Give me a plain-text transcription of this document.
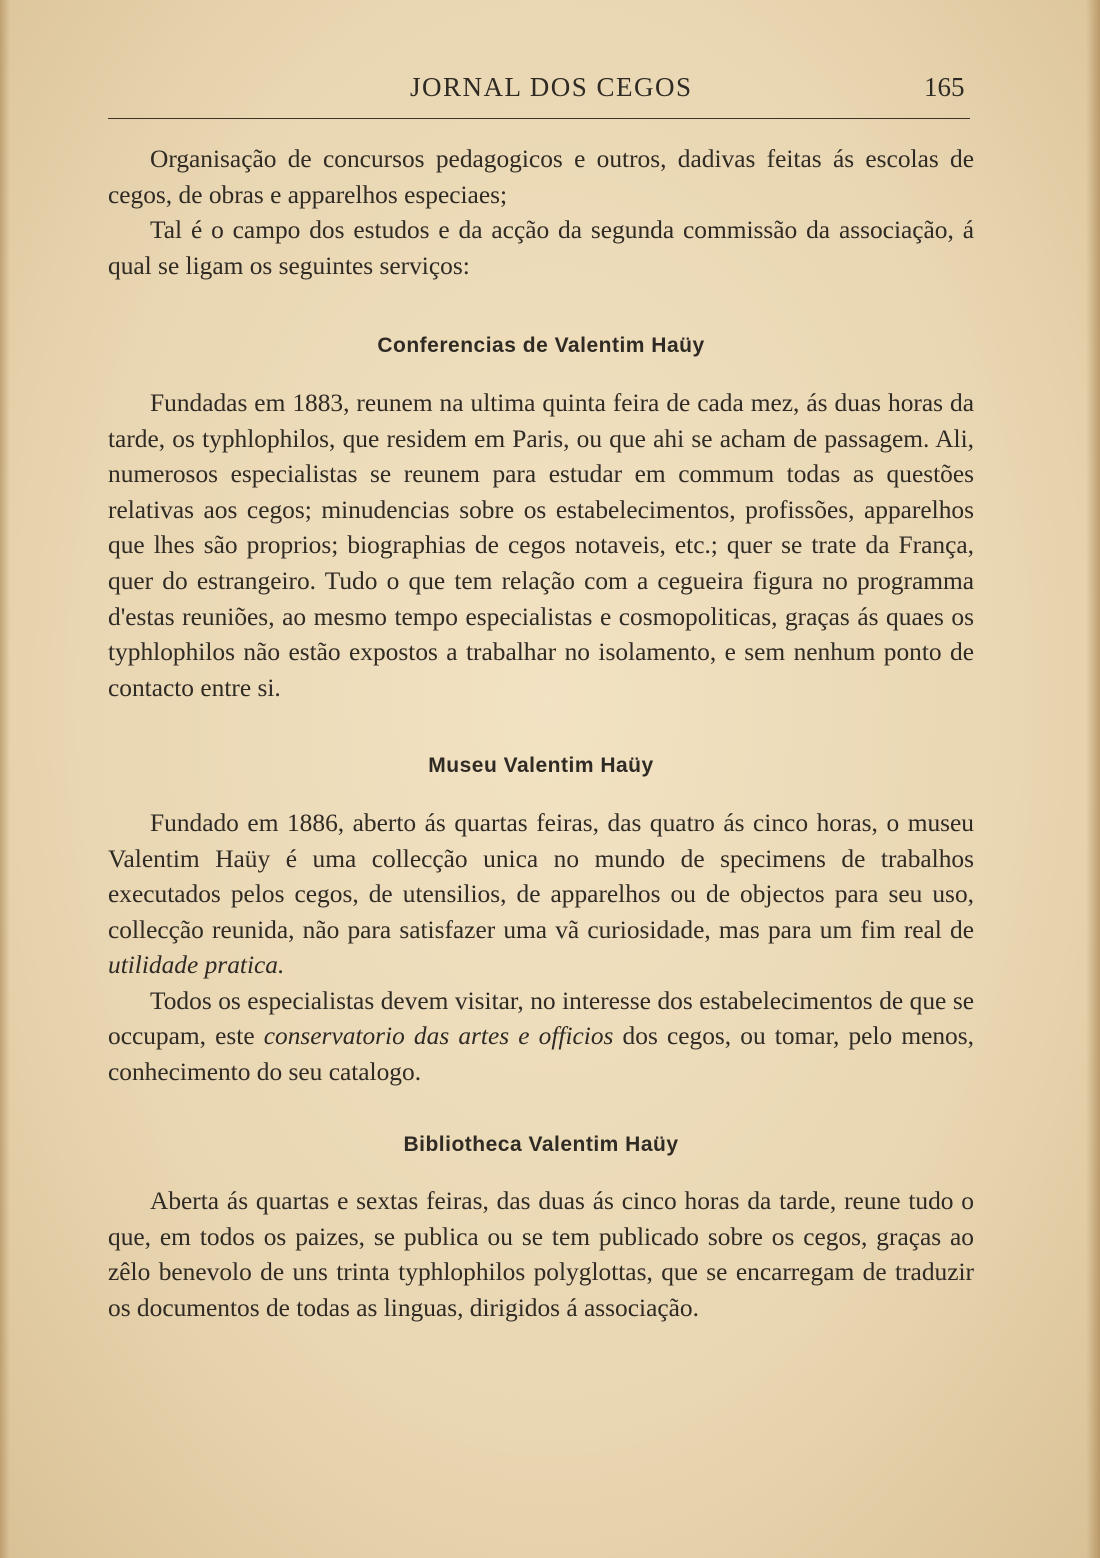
JORNAL DOS CEGOS	165

Organisação de concursos pedagogicos e outros, dadivas feitas ás escolas de cegos, de obras e apparelhos especiaes;

Tal é o campo dos estudos e da acção da segunda commissão da associação, á qual se ligam os seguintes serviços:

Conferencias de Valentim Haüy

Fundadas em 1883, reunem na ultima quinta feira de cada mez, ás duas horas da tarde, os typhlophilos, que residem em Paris, ou que ahi se acham de passagem. Ali, numerosos especialistas se reunem para estudar em commum todas as questões relativas aos cegos; minudencias sobre os estabelecimentos, profissões, apparelhos que lhes são proprios; biographias de cegos notaveis, etc.; quer se trate da França, quer do estrangeiro. Tudo o que tem relação com a cegueira figura no programma d'estas reuniões, ao mesmo tempo especialistas e cosmopoliticas, graças ás quaes os typhlophilos não estão expostos a trabalhar no isolamento, e sem nenhum ponto de contacto entre si.

Museu Valentim Haüy

Fundado em 1886, aberto ás quartas feiras, das quatro ás cinco horas, o museu Valentim Haüy é uma collecção unica no mundo de specimens de trabalhos executados pelos cegos, de utensilios, de apparelhos ou de objectos para seu uso, collecção reunida, não para satisfazer uma vã curiosidade, mas para um fim real de utilidade pratica.

Todos os especialistas devem visitar, no interesse dos estabelecimentos de que se occupam, este conservatorio das artes e officios dos cegos, ou tomar, pelo menos, conhecimento do seu catalogo.

Bibliotheca Valentim Haüy

Aberta ás quartas e sextas feiras, das duas ás cinco horas da tarde, reune tudo o que, em todos os paizes, se publica ou se tem publicado sobre os cegos, graças ao zêlo benevolo de uns trinta typhlophilos polyglottas, que se encarregam de traduzir os documentos de todas as linguas, dirigidos á associação.
